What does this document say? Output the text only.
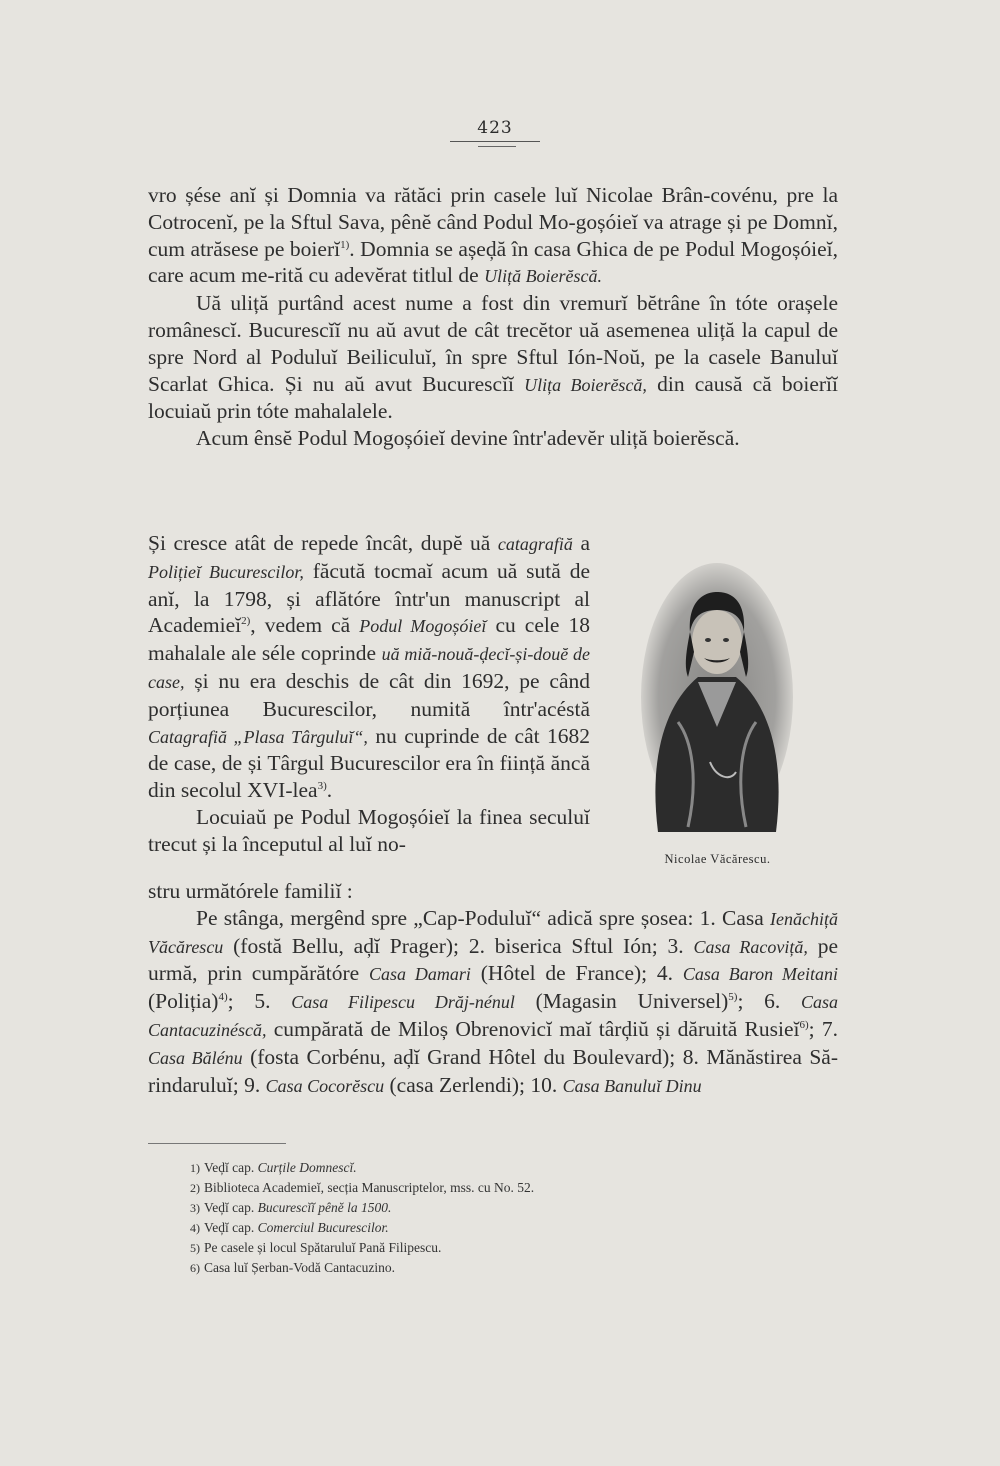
423

vro șése anĭ și Domnia va rătăci prin casele luĭ Nicolae Brân-covénu, pre la Cotrocenĭ, pe la Sftul Sava, pênĕ când Podul Mo-goșóieĭ va atrage și pe Domnĭ, cum atrăsese pe boierĭ$^{1)}$. Domnia se așeḑă în casa Ghica de pe Podul Mogoșóieĭ, care acum me-rită cu adevĕrat titlul de Uliță Boierĕscă.

Uă uliță purtând acest nume a fost din vremurĭ bĕtrâne în tóte orașele românescĭ. Bucurescĭĭ nu aŭ avut de cât trecĕtor uă asemenea uliță la capul de spre Nord al Poduluĭ Beiliculuĭ, în spre Sftul Ión-Noŭ, pe la casele Banuluĭ Scarlat Ghica. Și nu aŭ avut Bucurescĭĭ Ulița Boierĕscă, din causă că boierĭĭ locuiaŭ prin tóte mahalalele.

Acum ênsĕ Podul Mogoșóieĭ devine într'adevĕr uliță boierĕscă.

Și cresce atât de repede încât, dupĕ uă catagrafiă a Polițieĭ Bucurescilor, făcută tocmaĭ acum uă sută de anĭ, la 1798, și aflătóre într'un manuscript al Academieĭ$^{2)}$, vedem că Podul Mogoșóieĭ cu cele 18 mahalale ale séle coprinde uă miă-nouă-ḑecĭ-și-douĕ de case, și nu era deschis de cât din 1692, pe când porțiunea Bucurescilor, numită într'acéstă Catagrafiă „Plasa Târguluĭ“, nu cuprinde de cât 1682 de case, de și Târgul Bucurescilor era în ființă ăncă din secolul XVI-lea$^{3)}$.

Locuiaŭ pe Podul Mogoșóieĭ la finea seculuĭ trecut și la începutul al luĭ no-

stru următórele familiĭ :

Pe stânga, mergênd spre „Cap-Poduluĭ“ adică spre șosea: 1. Casa Ienăchiță Văcărescu (fostă Bellu, aḑĭ Prager); 2. biserica Sftul Ión; 3. Casa Racoviță, pe urmă, prin cumpărătóre Casa Damari (Hôtel de France); 4. Casa Baron Meitani (Poliția)$^{4)}$; 5. Casa Filipescu Drăj-nénul (Magasin Universel)$^{5)}$; 6. Casa Cantacuzinéscă, cumpărată de Miloș Obrenovicĭ maĭ târḑiŭ și dăruită Rusieĭ$^{6)}$; 7. Casa Bălénu (fosta Corbénu, aḑĭ Grand Hôtel du Boulevard); 8. Mănăstirea Să-rindaruluĭ; 9. Casa Cocorĕscu (casa Zerlendi); 10. Casa Banuluĭ Dinu

Nicolae Văcărescu.

1) Veḑĭ cap. Curțile Domnescĭ.

2) Biblioteca Academieĭ, secția Manuscriptelor, mss. cu No. 52.

3) Veḑĭ cap. Bucurescĭĭ pênĕ la 1500.

4) Veḑĭ cap. Comerciul Bucurescilor.

5) Pe casele și locul Spătaruluĭ Pană Filipescu.

6) Casa luĭ Șerban-Vodă Cantacuzino.
